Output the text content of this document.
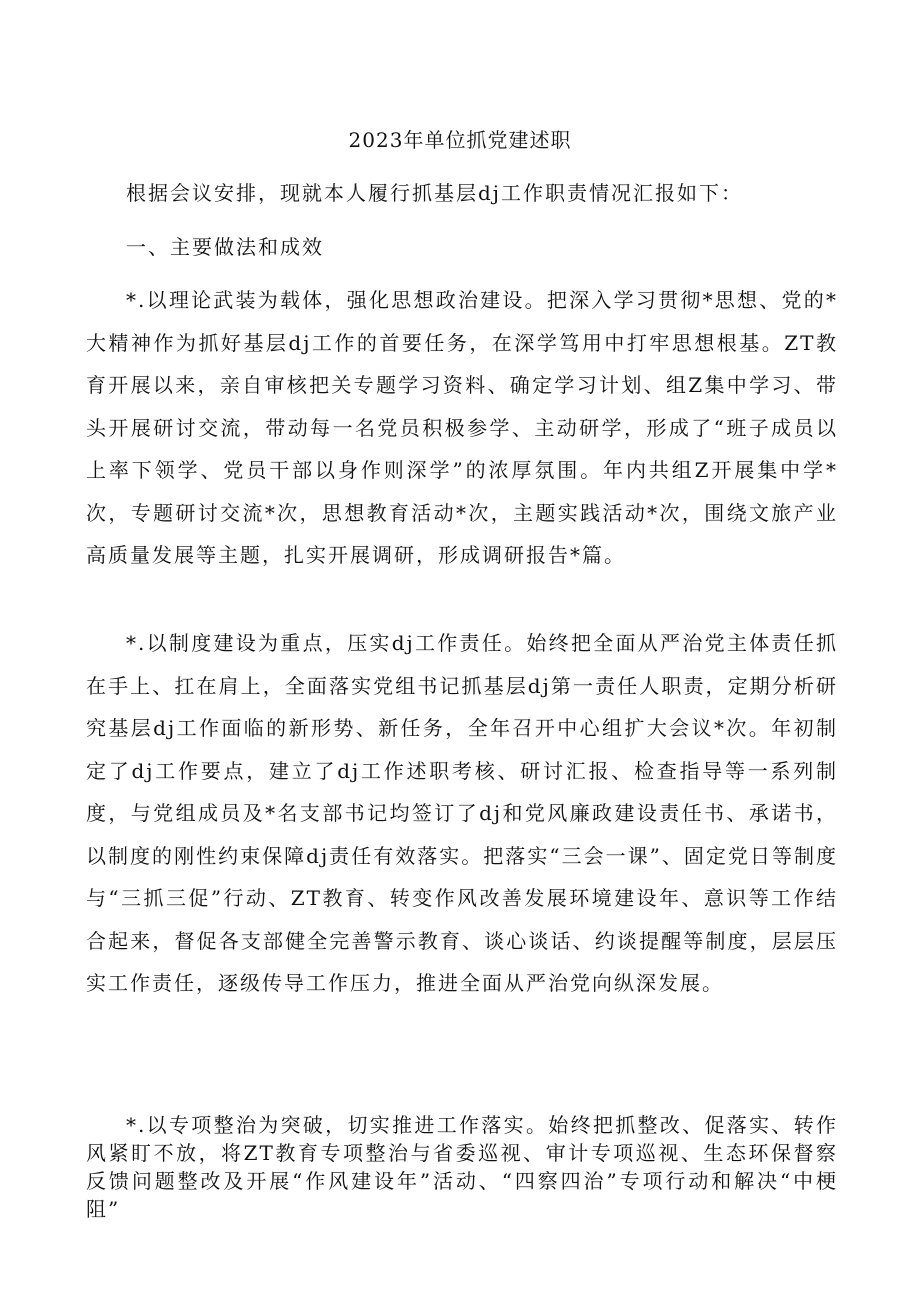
2023年单位抓党建述职

根据会议安排，现就本人履行抓基层dj工作职责情况汇报如下：

一、主要做法和成效

*.以理论武装为载体，强化思想政治建设。把深入学习贯彻*思想、党的*大精神作为抓好基层dj工作的首要任务，在深学笃用中打牢思想根基。ZT教育开展以来，亲自审核把关专题学习资料、确定学习计划、组Z集中学习、带头开展研讨交流，带动每一名党员积极参学、主动研学，形成了“班子成员以上率下领学、党员干部以身作则深学”的浓厚氛围。年内共组Z开展集中学*次，专题研讨交流*次，思想教育活动*次，主题实践活动*次，围绕文旅产业高质量发展等主题，扎实开展调研，形成调研报告*篇。

*.以制度建设为重点，压实dj工作责任。始终把全面从严治党主体责任抓在手上、扛在肩上，全面落实党组书记抓基层dj第一责任人职责，定期分析研究基层dj工作面临的新形势、新任务，全年召开中心组扩大会议*次。年初制定了dj工作要点，建立了dj工作述职考核、研讨汇报、检查指导等一系列制度，与党组成员及*名支部书记均签订了dj和党风廉政建设责任书、承诺书，以制度的刚性约束保障dj责任有效落实。把落实“三会一课”、固定党日等制度与“三抓三促”行动、ZT教育、转变作风改善发展环境建设年、意识等工作结合起来，督促各支部健全完善警示教育、谈心谈话、约谈提醒等制度，层层压实工作责任，逐级传导工作压力，推进全面从严治党向纵深发展。

*.以专项整治为突破，切实推进工作落实。始终把抓整改、促落实、转作风紧盯不放，将ZT教育专项整治与省委巡视、审计专项巡视、生态环保督察反馈问题整改及开展“作风建设年”活动、“四察四治”专项行动和解决“中梗阻”
